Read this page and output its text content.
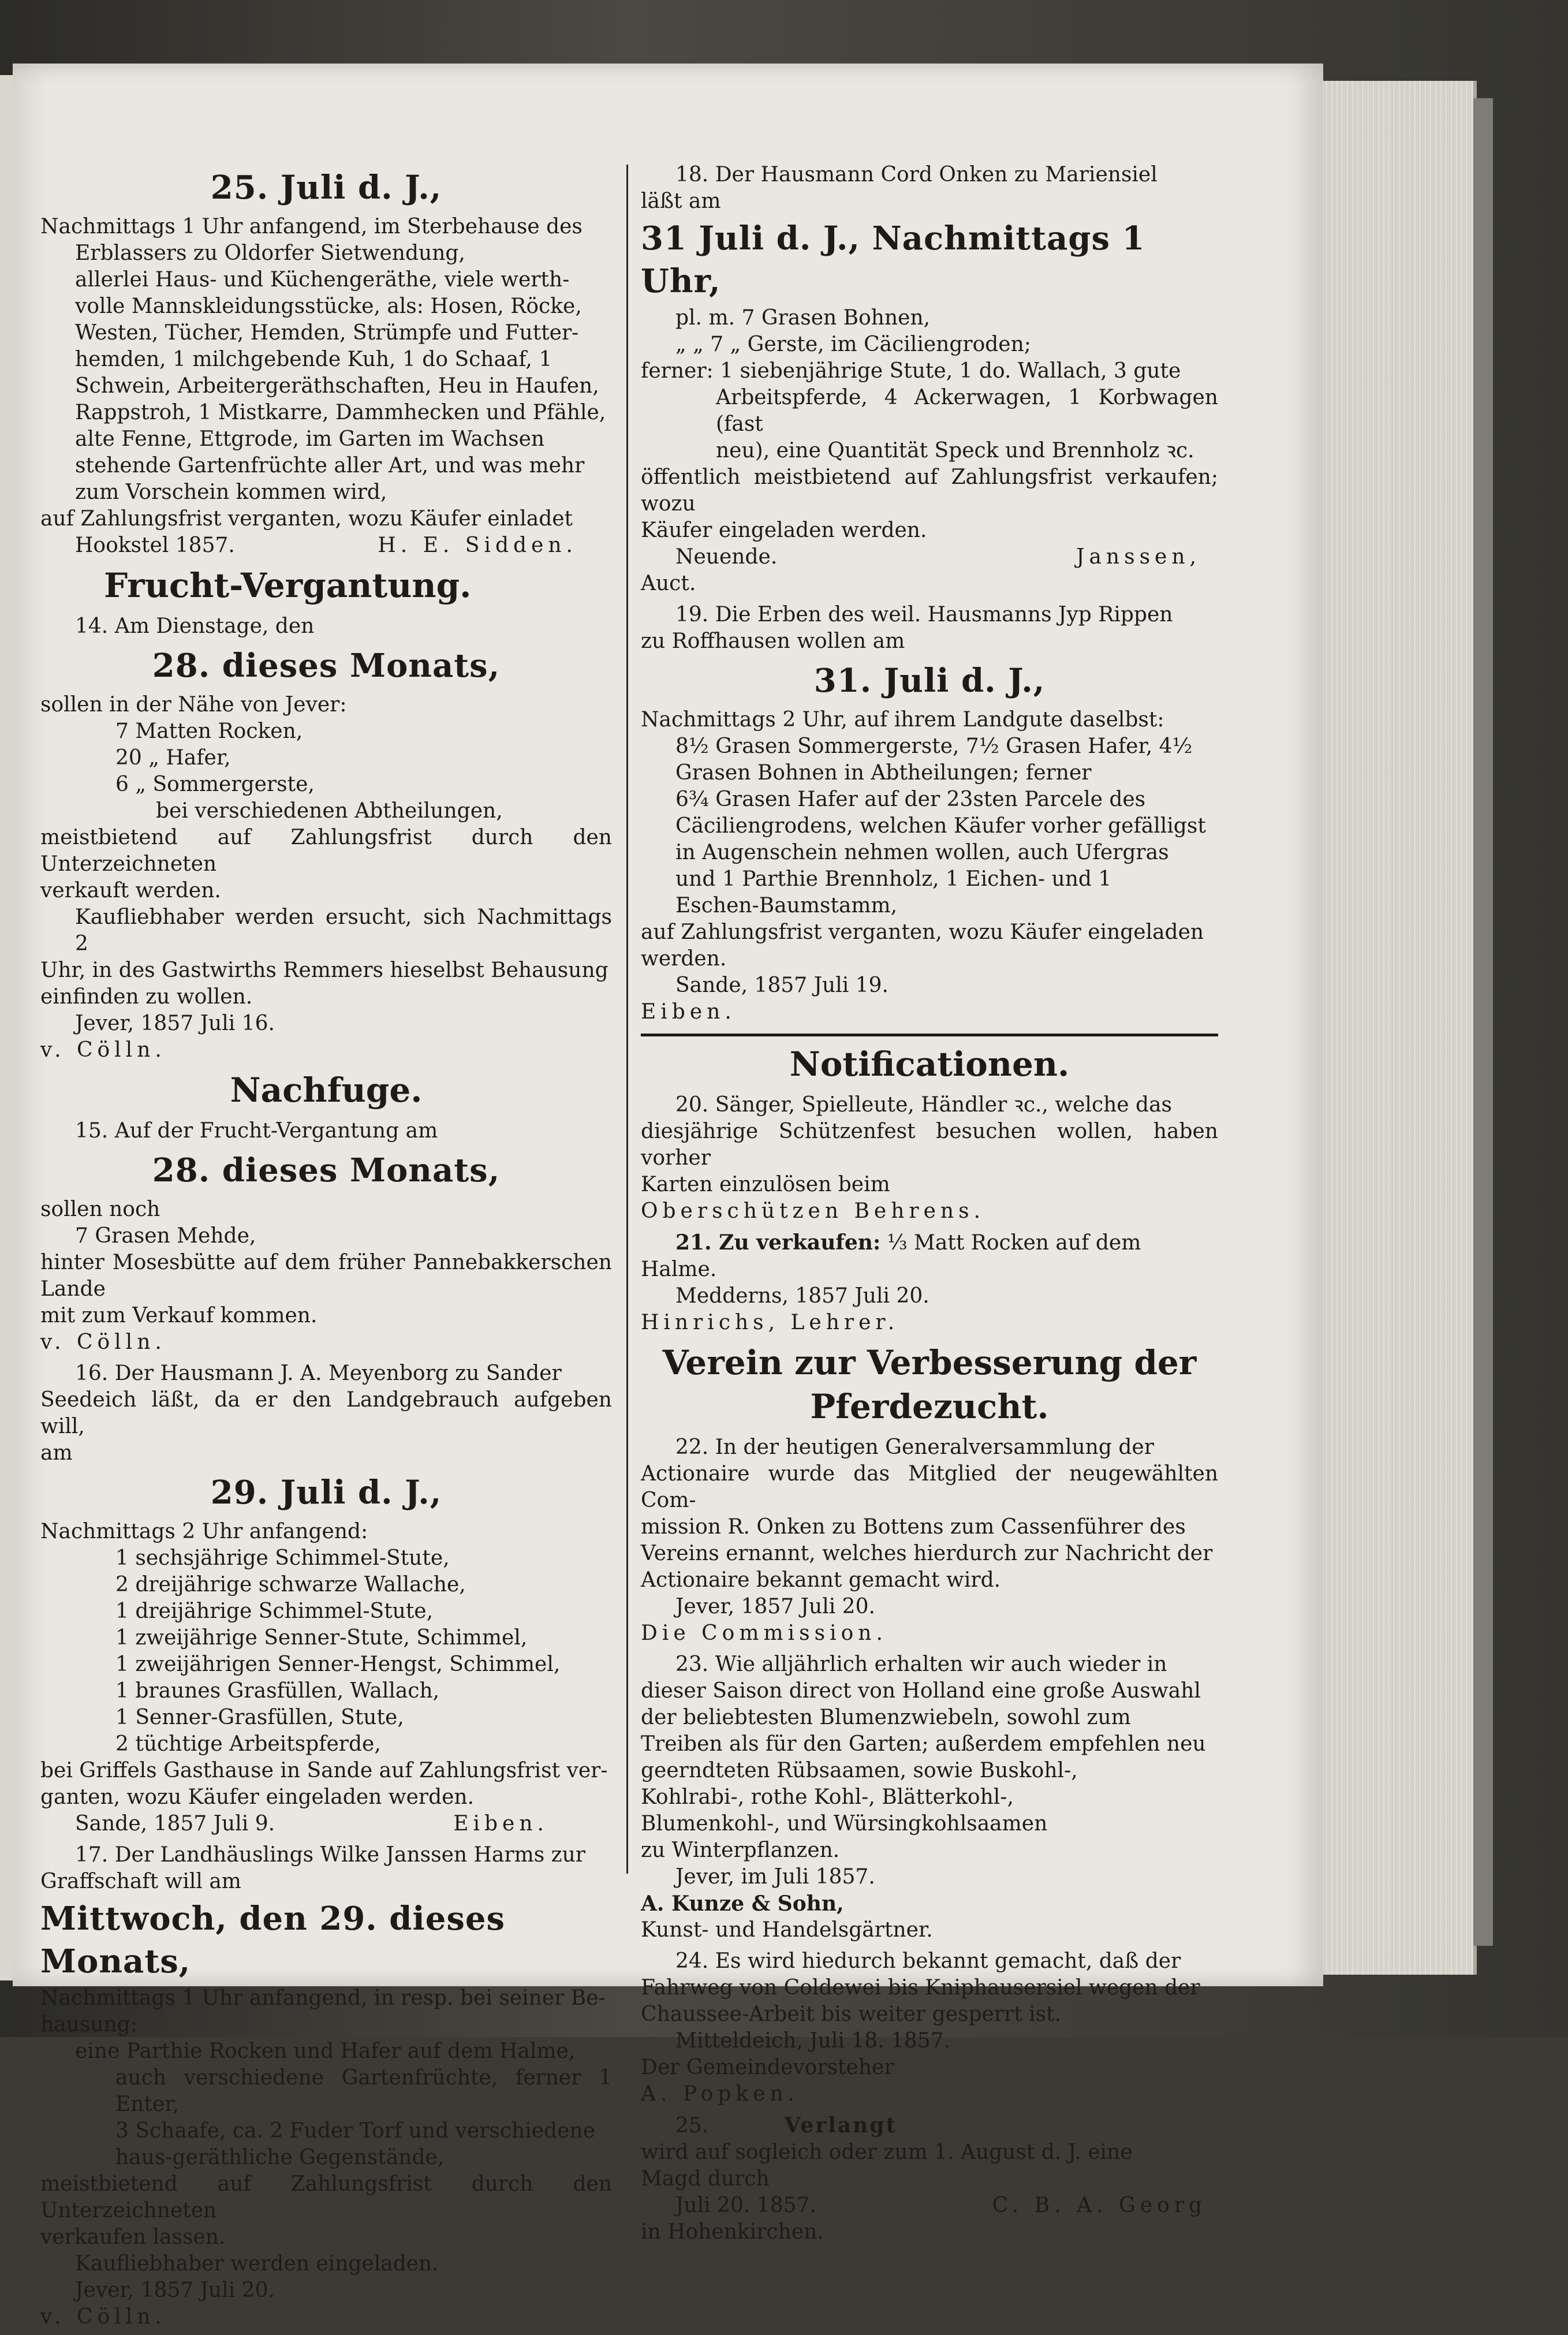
25. Juli d. J.,

Nachmittags 1 Uhr anfangend, im Sterbehause des

Erblassers zu Oldorfer Sietwendung,

allerlei Haus- und Küchengeräthe, viele werth-

volle Mannskleidungsstücke, als: Hosen, Röcke,

Westen, Tücher, Hemden, Strümpfe und Futter-

hemden, 1 milchgebende Kuh, 1 do Schaaf, 1

Schwein, Arbeitergeräthschaften, Heu in Haufen,

Rappstroh, 1 Mistkarre, Dammhecken und Pfähle,

alte Fenne, Ettgrode, im Garten im Wachsen

stehende Gartenfrüchte aller Art, und was mehr

zum Vorschein kommen wird,

auf Zahlungsfrist verganten, wozu Käufer einladet

Hookstel 1857.	H. E. Sidden.
Frucht-Vergantung.

14. Am Dienstage, den

28. dieses Monats,

sollen in der Nähe von Jever:

7 Matten Rocken,

20 „ Hafer,

6 „ Sommergerste,

bei verschiedenen Abtheilungen,

meistbietend auf Zahlungsfrist durch den Unterzeichneten

verkauft werden.

Kaufliebhaber werden ersucht, sich Nachmittags 2

Uhr, in des Gastwirths Remmers hieselbst Behausung

einfinden zu wollen.

Jever, 1857 Juli 16.

v. Cölln.

Nachfuge.

15. Auf der Frucht-Vergantung am

28. dieses Monats,

sollen noch

7 Grasen Mehde,

hinter Mosesbütte auf dem früher Pannebakkerschen Lande

mit zum Verkauf kommen.

v. Cölln.

16. Der Hausmann J. A. Meyenborg zu Sander

Seedeich läßt, da er den Landgebrauch aufgeben will,

am

29. Juli d. J.,

Nachmittags 2 Uhr anfangend:

1 sechsjährige Schimmel-Stute,

2 dreijährige schwarze Wallache,

1 dreijährige Schimmel-Stute,

1 zweijährige Senner-Stute, Schimmel,

1 zweijährigen Senner-Hengst, Schimmel,

1 braunes Grasfüllen, Wallach,

1 Senner-Grasfüllen, Stute,

2 tüchtige Arbeitspferde,

bei Griffels Gasthause in Sande auf Zahlungsfrist ver-

ganten, wozu Käufer eingeladen werden.

Sande, 1857 Juli 9.	Eiben.

17. Der Landhäuslings Wilke Janssen Harms zur

Graffschaft will am

Mittwoch, den 29. dieses Monats,

Nachmittags 1 Uhr anfangend, in resp. bei seiner Be-

hausung:

eine Parthie Rocken und Hafer auf dem Halme,

auch verschiedene Gartenfrüchte, ferner 1 Enter,

3 Schaafe, ca. 2 Fuder Torf und verschiedene

haus-geräthliche Gegenstände,

meistbietend auf Zahlungsfrist durch den Unterzeichneten

verkaufen lassen.

Kaufliebhaber werden eingeladen.

Jever, 1857 Juli 20.

v. Cölln.

18. Der Hausmann Cord Onken zu Mariensiel

läßt am

31 Juli d. J., Nachmittags 1 Uhr,

pl. m. 7 Grasen Bohnen,

„ „ 7 „ Gerste, im Cäciliengroden;

ferner: 1 siebenjährige Stute, 1 do. Wallach, 3 gute

Arbeitspferde, 4 Ackerwagen, 1 Korbwagen (fast

neu), eine Quantität Speck und Brennholz ꝛc.

öffentlich meistbietend auf Zahlungsfrist verkaufen; wozu

Käufer eingeladen werden.

Neuende.	Janssen,

Auct.

19. Die Erben des weil. Hausmanns Jyp Rippen

zu Roffhausen wollen am

31. Juli d. J.,

Nachmittags 2 Uhr, auf ihrem Landgute daselbst:

8½ Grasen Sommergerste, 7½ Grasen Hafer, 4½

Grasen Bohnen in Abtheilungen; ferner

6¾ Grasen Hafer auf der 23sten Parcele des

Cäciliengrodens, welchen Käufer vorher gefälligst

in Augenschein nehmen wollen, auch Ufergras

und 1 Parthie Brennholz, 1 Eichen- und 1

Eschen-Baumstamm,

auf Zahlungsfrist verganten, wozu Käufer eingeladen

werden.

Sande, 1857 Juli 19.

Eiben.

Notificationen.

20. Sänger, Spielleute, Händler ꝛc., welche das

diesjährige Schützenfest besuchen wollen, haben vorher

Karten einzulösen beim

Oberschützen Behrens.

21. Zu verkaufen: ⅓ Matt Rocken auf dem

Halme.

Medderns, 1857 Juli 20.

Hinrichs, Lehrer.

Verein zur Verbesserung der Pferdezucht.

22. In der heutigen Generalversammlung der

Actionaire wurde das Mitglied der neugewählten Com-

mission R. Onken zu Bottens zum Cassenführer des

Vereins ernannt, welches hierdurch zur Nachricht der

Actionaire bekannt gemacht wird.

Jever, 1857 Juli 20.

Die Commission.

23. Wie alljährlich erhalten wir auch wieder in

dieser Saison direct von Holland eine große Auswahl

der beliebtesten Blumenzwiebeln, sowohl zum

Treiben als für den Garten; außerdem empfehlen neu

geerndteten Rübsaamen, sowie Buskohl-,

Kohlrabi-, rothe Kohl-, Blätterkohl-,

Blumenkohl-, und Würsingkohlsaamen

zu Winterpflanzen.

Jever, im Juli 1857.

A. Kunze & Sohn,

Kunst- und Handelsgärtner.

24. Es wird hiedurch bekannt gemacht, daß der

Fahrweg von Coldewei bis Kniphausersiel wegen der

Chaussee-Arbeit bis weiter gesperrt ist.

Mitteldeich, Juli 18. 1857.

Der Gemeindevorsteher

A. Popken.

25.	Verlangt

wird auf sogleich oder zum 1. August d. J. eine

Magd durch

Juli 20. 1857.	C. B. A. Georg

in Hohenkirchen.
